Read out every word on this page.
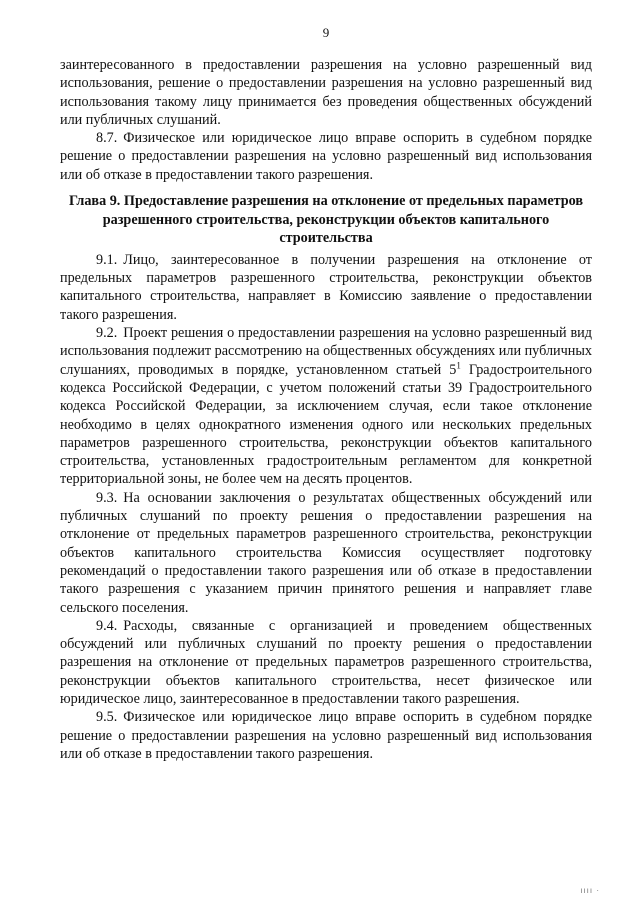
9

заинтересованного в предоставлении разрешения на условно разрешенный вид использования, решение о предоставлении разрешения на условно разрешенный вид использования такому лицу принимается без проведения общественных обсуждений или публичных слушаний.

8.7. Физическое или юридическое лицо вправе оспорить в судебном порядке решение о предоставлении разрешения на условно разрешенный вид использования или об отказе в предоставлении такого разрешения.

Глава 9. Предоставление разрешения на отклонение от предельных параметров разрешенного строительства, реконструкции объектов капитального строительства

9.1. Лицо, заинтересованное в получении разрешения на отклонение от предельных параметров разрешенного строительства, реконструкции объектов капитального строительства, направляет в Комиссию заявление о предоставлении такого разрешения.

9.2. Проект решения о предоставлении разрешения на условно разрешенный вид использования подлежит рассмотрению на общественных обсуждениях или публичных слушаниях, проводимых в порядке, установленном статьей $5^1$ Градостроительного кодекса Российской Федерации, с учетом положений статьи 39 Градостроительного кодекса Российской Федерации, за исключением случая, если такое отклонение необходимо в целях однократного изменения одного или нескольких предельных параметров разрешенного строительства, реконструкции объектов капитального строительства, установленных градостроительным регламентом для конкретной территориальной зоны, не более чем на десять процентов.

9.3. На основании заключения о результатах общественных обсуждений или публичных слушаний по проекту решения о предоставлении разрешения на отклонение от предельных параметров разрешенного строительства, реконструкции объектов капитального строительства Комиссия осуществляет подготовку рекомендаций о предоставлении такого разрешения или об отказе в предоставлении такого разрешения с указанием причин принятого решения и направляет главе сельского поселения.

9.4. Расходы, связанные с организацией и проведением общественных обсуждений или публичных слушаний по проекту решения о предоставлении разрешения на отклонение от предельных параметров разрешенного строительства, реконструкции объектов капитального строительства, несет физическое или юридическое лицо, заинтересованное в предоставлении такого разрешения.

9.5. Физическое или юридическое лицо вправе оспорить в судебном порядке решение о предоставлении разрешения на условно разрешенный вид использования или об отказе в предоставлении такого разрешения.

ıııı ·
